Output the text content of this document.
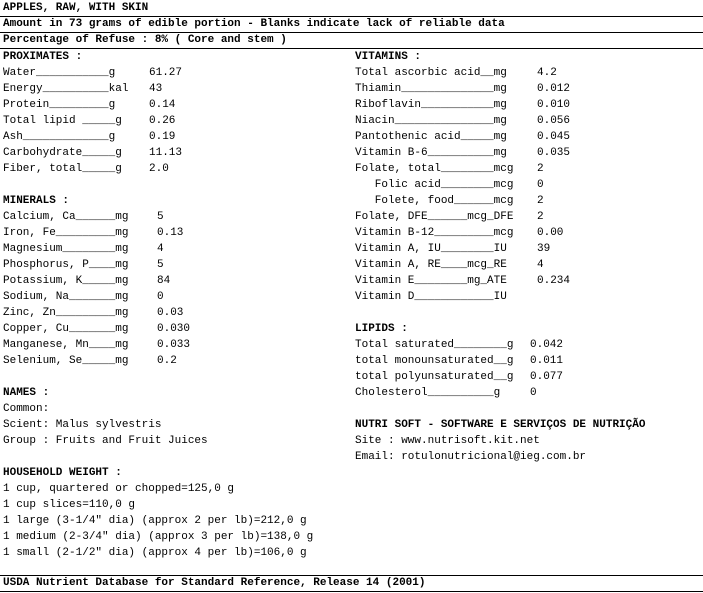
APPLES, RAW, WITH SKIN
Amount in 73 grams of edible portion - Blanks indicate lack of reliable data
Percentage of Refuse : 8% ( Core and stem )
PROXIMATES :
Water___________g	61.27
Energy__________kal 43
Protein_________g	0.14
Total lipid _____g 0.26
Ash_____________g	0.19
Carbohydrate_____g 11.13
Fiber, total_____g 2.0
MINERALS :
Calcium, Ca______mg	5
Iron, Fe_________mg	0.13
Magnesium________mg	4
Phosphorus, P____mg	5
Potassium, K_____mg	84
Sodium, Na_______mg	0
Zinc, Zn_________mg	0.03
Copper, Cu_______mg	0.030
Manganese, Mn____mg	0.033
Selenium, Se_____mg	0.2
NAMES :
Common:
Scient: Malus sylvestris
Group : Fruits and Fruit Juices
HOUSEHOLD WEIGHT :
1 cup, quartered or chopped=125,0 g
1 cup slices=110,0 g
1 large (3-1/4" dia) (approx 2 per lb)=212,0 g
1 medium (2-3/4" dia) (approx 3 per lb)=138,0 g
1 small (2-1/2" dia) (approx 4 per lb)=106,0 g
VITAMINS :
Total ascorbic acid__mg	4.2
Thiamin______________mg	0.012
Riboflavin___________mg	0.010
Niacin_______________mg	0.056
Pantothenic acid_____mg	0.045
Vitamin B-6__________mg	0.035
Folate, total________mcg 2
Folic acid________mcg 0
Folete, food______mcg 2
Folate, DFE______mcg_DFE 2
Vitamin B-12_________mcg 0.00
Vitamin A, IU________IU	39
Vitamin A, RE____mcg_RE	4
Vitamin E________mg_ATE	0.234
Vitamin D____________IU
LIPIDS :
Total saturated________g 0.042
total monounsaturated__g 0.011
total polyunsaturated__g 0.077
Cholesterol__________g	0
NUTRI SOFT - SOFTWARE E SERVIÇOS DE NUTRIÇÃO
Site : www.nutrisoft.kit.net
Email: rotulonutricional@ieg.com.br
USDA Nutrient Database for Standard Reference, Release 14 (2001)
